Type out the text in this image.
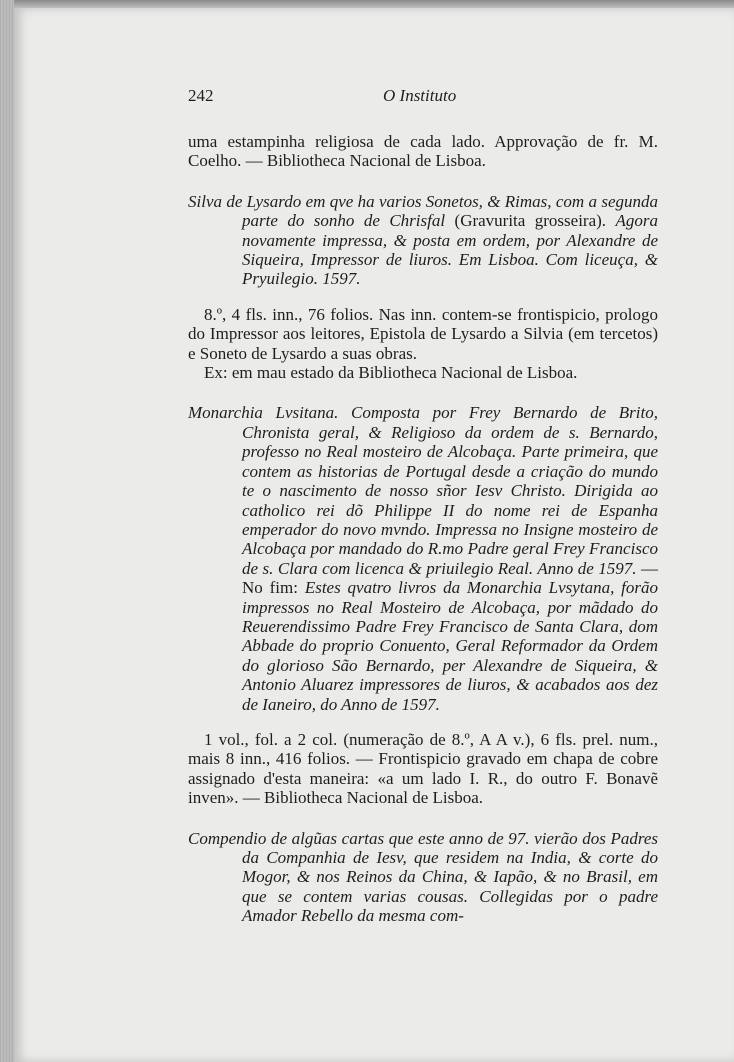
242	O Instituto

uma estampinha religiosa de cada lado. Approvação de fr. M. Coelho. — Bibliotheca Nacional de Lisboa.

Silva de Lysardo em qve ha varios Sonetos, & Rimas, com a segunda parte do sonho de Chrisfal (Gravurita grosseira). Agora novamente impressa, & posta em ordem, por Alexandre de Siqueira, Impressor de liuros. Em Lisboa. Com liceuça, & Pryuilegio. 1597.

8.º, 4 fls. inn., 76 folios. Nas inn. contem-se frontispicio, prologo do Impressor aos leitores, Epistola de Lysardo a Silvia (em tercetos) e Soneto de Lysardo a suas obras.

Ex: em mau estado da Bibliotheca Nacional de Lisboa.

Monarchia Lvsitana. Composta por Frey Bernardo de Brito, Chronista geral, & Religioso da ordem de s. Bernardo, professo no Real mosteiro de Alcobaça. Parte primeira, que contem as historias de Portugal desde a criação do mundo te o nascimento de nosso sñor Iesv Christo. Dirigida ao catholico rei dõ Philippe II do nome rei de Espanha emperador do novo mvndo. Impressa no Insigne mosteiro de Alcobaça por mandado do R.mo Padre geral Frey Francisco de s. Clara com licenca & priuilegio Real. Anno de 1597. — No fim: Estes qvatro livros da Monarchia Lvsytana, forão impressos no Real Mosteiro de Alcobaça, por mãdado do Reuerendissimo Padre Frey Francisco de Santa Clara, dom Abbade do proprio Conuento, Geral Reformador da Ordem do glorioso São Bernardo, per Alexandre de Siqueira, & Antonio Aluarez impressores de liuros, & acabados aos dez de Ianeiro, do Anno de 1597.

1 vol., fol. a 2 col. (numeração de 8.º, A A v.), 6 fls. prel. num., mais 8 inn., 416 folios. — Frontispicio gravado em chapa de cobre assignado d'esta maneira: «a um lado I. R., do outro F. Bonavẽ inven». — Bibliotheca Nacional de Lisboa.

Compendio de algũas cartas que este anno de 97. vierão dos Padres da Companhia de Iesv, que residem na India, & corte do Mogor, & nos Reinos da China, & Iapão, & no Brasil, em que se contem varias cousas. Collegidas por o padre Amador Rebello da mesma com-
